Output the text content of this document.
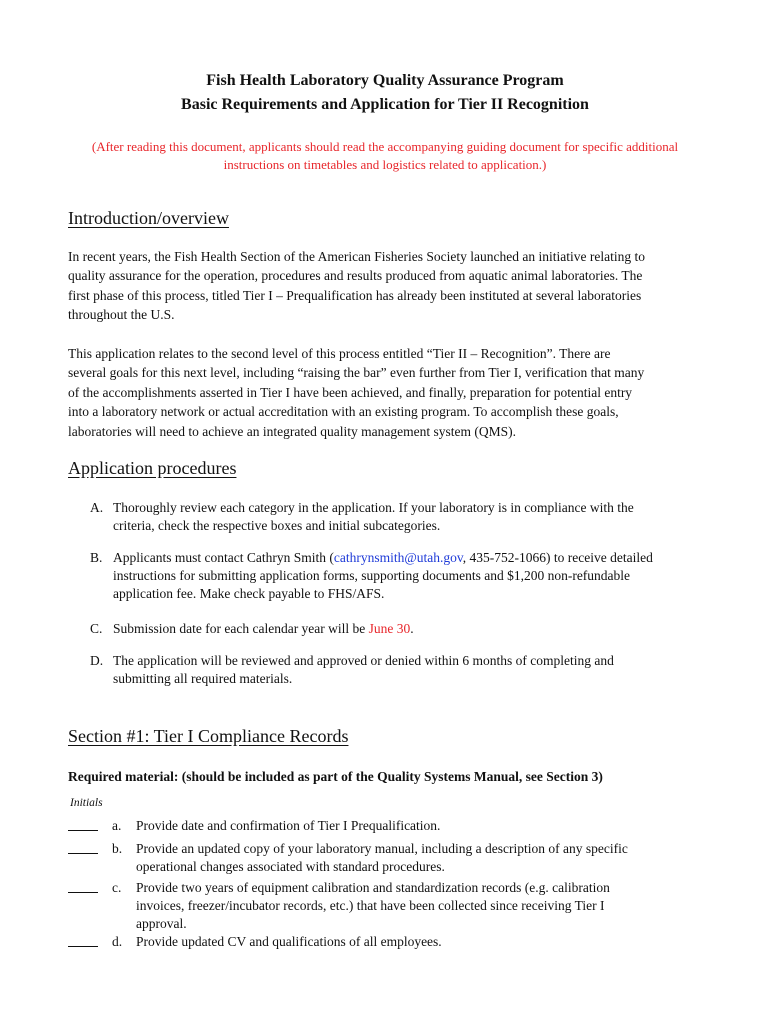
Fish Health Laboratory Quality Assurance Program
Basic Requirements and Application for Tier II Recognition
(After reading this document, applicants should read the accompanying guiding document for specific additional
instructions on timetables and logistics related to application.)
Introduction/overview
In recent years, the Fish Health Section of the American Fisheries Society launched an initiative relating to
quality assurance for the operation, procedures and results produced from aquatic animal laboratories. The
first phase of this process, titled Tier I – Prequalification has already been instituted at several laboratories
throughout the U.S.
This application relates to the second level of this process entitled “Tier II – Recognition”. There are
several goals for this next level, including “raising the bar” even further from Tier I, verification that many
of the accomplishments asserted in Tier I have been achieved, and finally, preparation for potential entry
into a laboratory network or actual accreditation with an existing program. To accomplish these goals,
laboratories will need to achieve an integrated quality management system (QMS).
Application procedures
A. Thoroughly review each category in the application. If your laboratory is in compliance with the
criteria, check the respective boxes and initial subcategories.
B. Applicants must contact Cathryn Smith (cathrynsmith@utah.gov, 435-752-1066) to receive detailed
instructions for submitting application forms, supporting documents and $1,200 non-refundable
application fee. Make check payable to FHS/AFS.
C. Submission date for each calendar year will be June 30.
D. The application will be reviewed and approved or denied within 6 months of completing and
submitting all required materials.
Section #1: Tier I Compliance Records
Required material: (should be included as part of the Quality Systems Manual, see Section 3)
Initials
a. Provide date and confirmation of Tier I Prequalification.
b. Provide an updated copy of your laboratory manual, including a description of any specific
operational changes associated with standard procedures.
c. Provide two years of equipment calibration and standardization records (e.g. calibration
invoices, freezer/incubator records, etc.) that have been collected since receiving Tier I
approval.
d. Provide updated CV and qualifications of all employees.
